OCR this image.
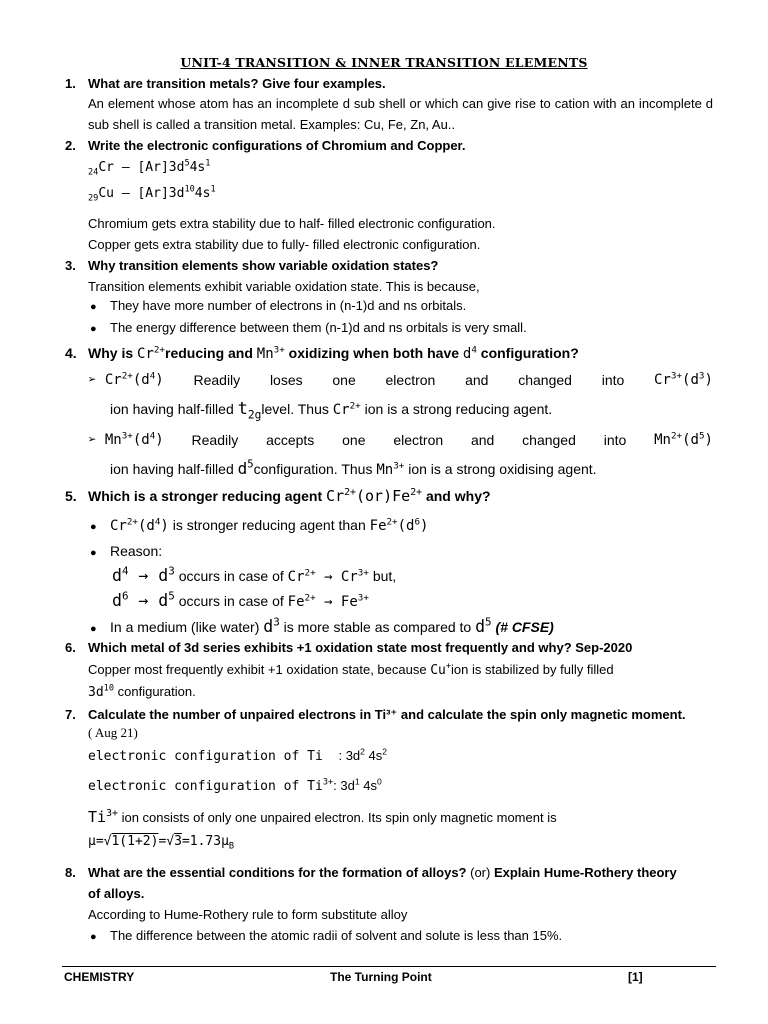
UNIT-4 TRANSITION & INNER TRANSITION ELEMENTS
1. What are transition metals? Give four examples.
An element whose atom has an incomplete d sub shell or which can give rise to cation with an incomplete d sub shell is called a transition metal. Examples: Cu, Fe, Zn, Au..
2. Write the electronic configurations of Chromium and Copper.
$_{24}Cr - [Ar]3d^54s^1$
$_{29}Cu - [Ar]3d^{10}4s^1$
Chromium gets extra stability due to half- filled electronic configuration.
Copper gets extra stability due to fully- filled electronic configuration.
3. Why transition elements show variable oxidation states?
Transition elements exhibit variable oxidation state. This is because,
● They have more number of electrons in (n-1)d and ns orbitals.
● The energy difference between them (n-1)d and ns orbitals is very small.
4. Why is $Cr^{2+}reducing$ and $Mn^{3+}$ oxidizing when both have $d^4$ configuration?
➢ $Cr^{2+}(d^4)$ Readily loses one electron and changed into $Cr^{3+}(d^3)$
ion having half-filled $t_{2g}level$. Thus $Cr^{2+}$ ion is a strong reducing agent.
➢ $Mn^{3+}(d^4)$ Readily accepts one electron and changed into $Mn^{2+}(d^5)$
ion having half-filled $d^5configuration$. Thus $Mn^{3+}$ ion is a strong oxidising agent.
5. Which is a stronger reducing agent $Cr^{2+}(or)Fe^{2+}$ and why?
● $Cr^{2+}(d^4)$ is stronger reducing agent than $Fe^{2+}(d^6)$
● Reason:
$d^4 \to d^3$ occurs in case of $Cr^{2+} \to Cr^{3+}$ but,
$d^6 \to d^5$ occurs in case of $Fe^{2+} \to Fe^{3+}$
● In a medium (like water) $d^3$ is more stable as compared to $d^5$ (# CFSE)
6. Which metal of 3d series exhibits +1 oxidation state most frequently and why? Sep-2020
Copper most frequently exhibit +1 oxidation state, because Cu+ion is stabilized by fully filled
$3d^{10}$ configuration.
7. Calculate the number of unpaired electrons in Ti³⁺ and calculate the spin only magnetic moment.
( Aug 21)
electronic configuration of Ti : $3d^2$ $4s^2$
electronic configuration of $Ti^{3+}$: $3d^1$ $4s^0$
$Ti^{3+}$ ion consists of only one unpaired electron. Its spin only magnetic moment is
$\mu=√1(1+2)=√3=1.73\mu_B$
8. What are the essential conditions for the formation of alloys? (or) Explain Hume-Rothery theory
of alloys.
According to Hume-Rothery rule to form substitute alloy
● The difference between the atomic radii of solvent and solute is less than 15%.
CHEMISTRY	The Turning Point	[1]
